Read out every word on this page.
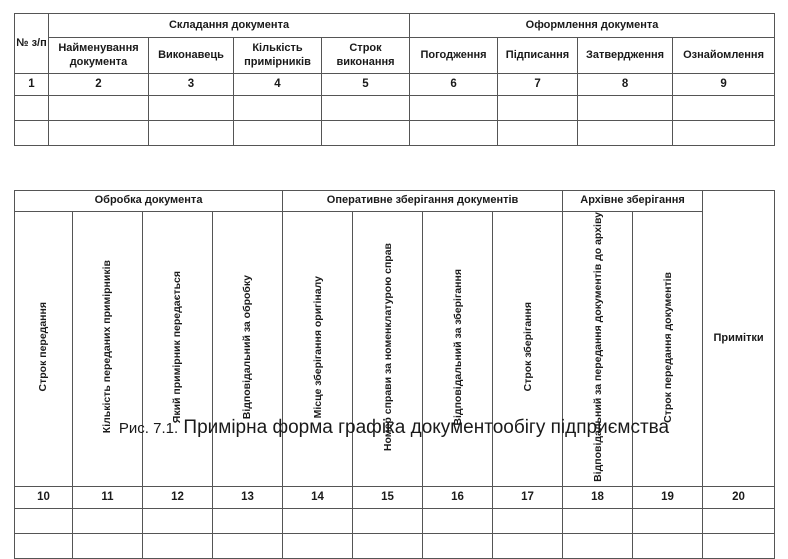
№ з/п	Складання документа				Оформлення документа			
	Найменування документа	Виконавець	Кількість примірників	Строк виконання	Погодження	Підписання	Затвердження	Ознайомлення
1	2	3	4	5	6	7	8	9

Обробка документа				Оперативне зберігання документів				Архівне зберігання		Примітки
Строк передання	Кількість переданих примірників	Який примірник передається	Відповідальний за обробку	Місце зберігання оригіналу	Номер справи за номенклатурою справ	Відповідальний за зберігання	Строк зберігання	Відповідальний за передання документів до архіву	Строк передання документів	
10	11	12	13	14	15	16	17	18	19	20

Рис. 7.1. Примірна форма графіка документообігу підприємства
